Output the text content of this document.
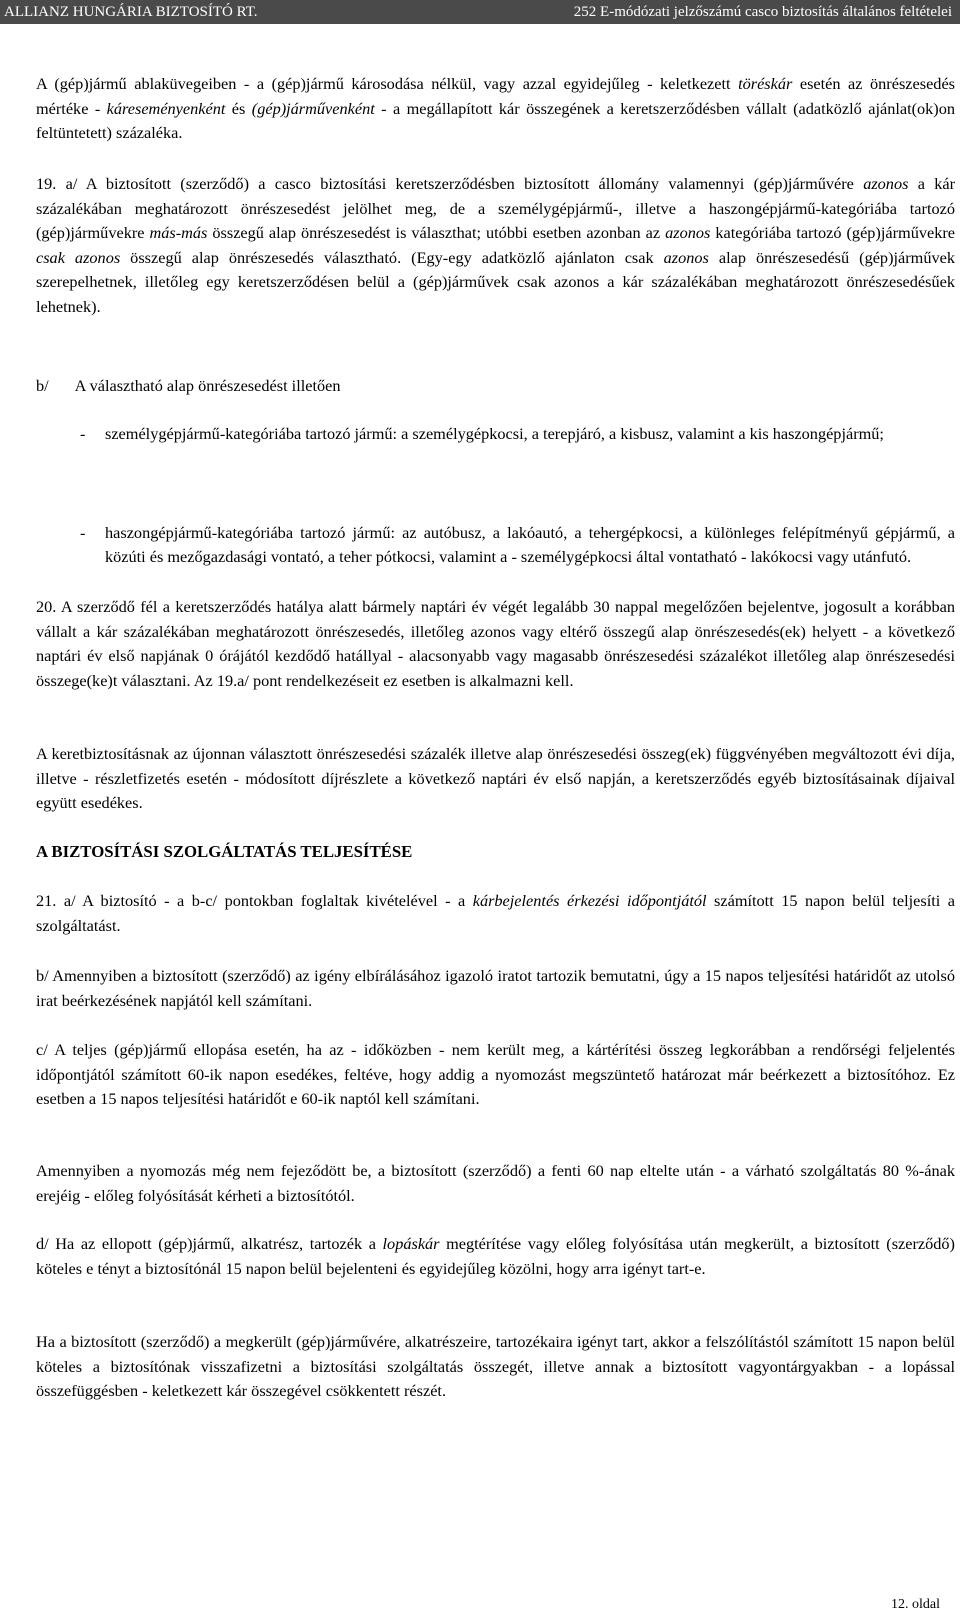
ALLIANZ HUNGÁRIA BIZTOSÍTÓ RT.	252 E-módózati jelzőszámú casco biztosítás általános feltételei

A (gép)jármű ablaküvegeiben - a (gép)jármű károsodása nélkül, vagy azzal egyidejűleg - keletkezett töréskár esetén az önrészesedés mértéke - káreseményenként és (gép)járművenként - a megállapított kár összegének a keretszerződésben vállalt (adatközlő ajánlat(ok)on feltüntetett) százaléka.

19. a/ A biztosított (szerződő) a casco biztosítási keretszerződésben biztosított állomány valamennyi (gép)járművére azonos a kár százalékában meghatározott önrészesedést jelölhet meg, de a személygépjármű-, illetve a haszongépjármű-kategóriába tartozó (gép)járművekre más-más összegű alap önrészesedést is választhat; utóbbi esetben azonban az azonos kategóriába tartozó (gép)járművekre csak azonos összegű alap önrészesedés választható. (Egy-egy adatközlő ajánlaton csak azonos alap önrészesedésű (gép)járművek szerepelhetnek, illetőleg egy keretszerződésen belül a (gép)járművek csak azonos a kár százalékában meghatározott önrészesedésűek lehetnek).

b/ A választható alap önrészesedést illetően

- személygépjármű-kategóriába tartozó jármű: a személygépkocsi, a terepjáró, a kisbusz, valamint a kis haszongépjármű;

- haszongépjármű-kategóriába tartozó jármű: az autóbusz, a lakóautó, a tehergépkocsi, a különleges felépítményű gépjármű, a közúti és mezőgazdasági vontató, a teher pótkocsi, valamint a - személygépkocsi által vontatható - lakókocsi vagy utánfutó.

20. A szerződő fél a keretszerződés hatálya alatt bármely naptári év végét legalább 30 nappal megelőzően bejelentve, jogosult a korábban vállalt a kár százalékában meghatározott önrészesedés, illetőleg azonos vagy eltérő összegű alap önrészesedés(ek) helyett - a következő naptári év első napjának 0 órájától kezdődő hatállyal - alacsonyabb vagy magasabb önrészesedési százalékot illetőleg alap önrészesedési összege(ke)t választani. Az 19.a/ pont rendelkezéseit ez esetben is alkalmazni kell.

A keretbiztosításnak az újonnan választott önrészesedési százalék illetve alap önrészesedési összeg(ek) függvényében megváltozott évi díja, illetve - részletfizetés esetén - módosított díjrészlete a következő naptári év első napján, a keretszerződés egyéb biztosításainak díjaival együtt esedékes.

A BIZTOSÍTÁSI SZOLGÁLTATÁS TELJESÍTÉSE

21. a/ A biztosító - a b-c/ pontokban foglaltak kivételével - a kárbejelentés érkezési időpontjától számított 15 napon belül teljesíti a szolgáltatást.

b/ Amennyiben a biztosított (szerződő) az igény elbírálásához igazoló iratot tartozik bemutatni, úgy a 15 napos teljesítési határidőt az utolsó irat beérkezésének napjától kell számítani.

c/ A teljes (gép)jármű ellopása esetén, ha az - időközben - nem került meg, a kártérítési összeg legkorábban a rendőrségi feljelentés időpontjától számított 60-ik napon esedékes, feltéve, hogy addig a nyomozást megszüntető határozat már beérkezett a biztosítóhoz. Ez esetben a 15 napos teljesítési határidőt e 60-ik naptól kell számítani.

Amennyiben a nyomozás még nem fejeződött be, a biztosított (szerződő) a fenti 60 nap eltelte után - a várható szolgáltatás 80 %-ának erejéig - előleg folyósítását kérheti a biztosítótól.

d/ Ha az ellopott (gép)jármű, alkatrész, tartozék a lopáskár megtérítése vagy előleg folyósítása után megkerült, a biztosított (szerződő) köteles e tényt a biztosítónál 15 napon belül bejelenteni és egyidejűleg közölni, hogy arra igényt tart-e.

Ha a biztosított (szerződő) a megkerült (gép)járművére, alkatrészeire, tartozékaira igényt tart, akkor a felszólítástól számított 15 napon belül köteles a biztosítónak visszafizetni a biztosítási szolgáltatás összegét, illetve annak a biztosított vagyontárgyakban - a lopással összefüggésben - keletkezett kár összegével csökkentett részét.

12. oldal
